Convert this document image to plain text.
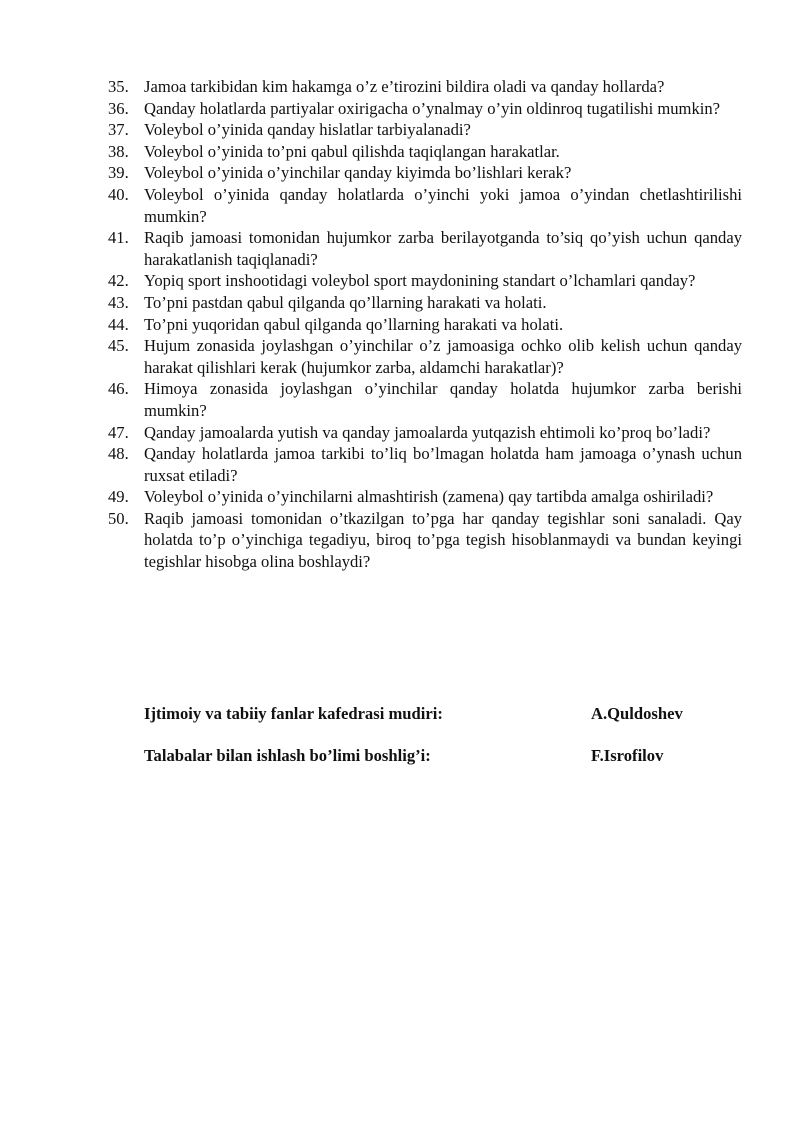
35. Jamoa tarkibidan kim hakamga o’z e’tirozini bildira oladi va qanday hollarda?
36. Qanday holatlarda partiyalar oxirigacha o’ynalmay o’yin oldinroq tugatilishi mumkin?
37. Voleybol o’yinida qanday hislatlar tarbiyalanadi?
38. Voleybol o’yinida to’pni qabul qilishda taqiqlangan harakatlar.
39. Voleybol o’yinida o’yinchilar qanday kiyimda bo’lishlari kerak?
40. Voleybol o’yinida qanday holatlarda o’yinchi yoki jamoa o’yindan chetlashtirilishi mumkin?
41. Raqib jamoasi tomonidan hujumkor zarba berilayotganda to’siq qo’yish uchun qanday harakatlanish taqiqlanadi?
42. Yopiq sport inshootidagi voleybol sport maydonining standart o’lchamlari qanday?
43. To’pni pastdan qabul qilganda qo’llarning harakati va holati.
44. To’pni yuqoridan qabul qilganda qo’llarning harakati va holati.
45. Hujum zonasida joylashgan o’yinchilar o’z jamoasiga ochko olib kelish uchun qanday harakat qilishlari kerak (hujumkor zarba, aldamchi harakatlar)?
46. Himoya zonasida joylashgan o’yinchilar qanday holatda hujumkor zarba berishi mumkin?
47. Qanday jamoalarda yutish va qanday jamoalarda yutqazish ehtimoli ko’proq bo’ladi?
48. Qanday holatlarda jamoa tarkibi to’liq bo’lmagan holatda ham jamoaga o’ynash uchun ruxsat etiladi?
49. Voleybol o’yinida o’yinchilarni almashtirish (zamena) qay tartibda amalga oshiriladi?
50. Raqib jamoasi tomonidan o’tkazilgan to’pga har qanday tegishlar soni sanaladi. Qay holatda to’p o’yinchiga tegadiyu, biroq to’pga tegish hisoblanmaydi va bundan keyingi tegishlar hisobga olina boshlaydi?
Ijtimoiy va tabiiy fanlar kafedrasi mudiri:	A.Quldoshev
Talabalar bilan ishlash bo’limi boshlig’i:	F.Isrofilov
